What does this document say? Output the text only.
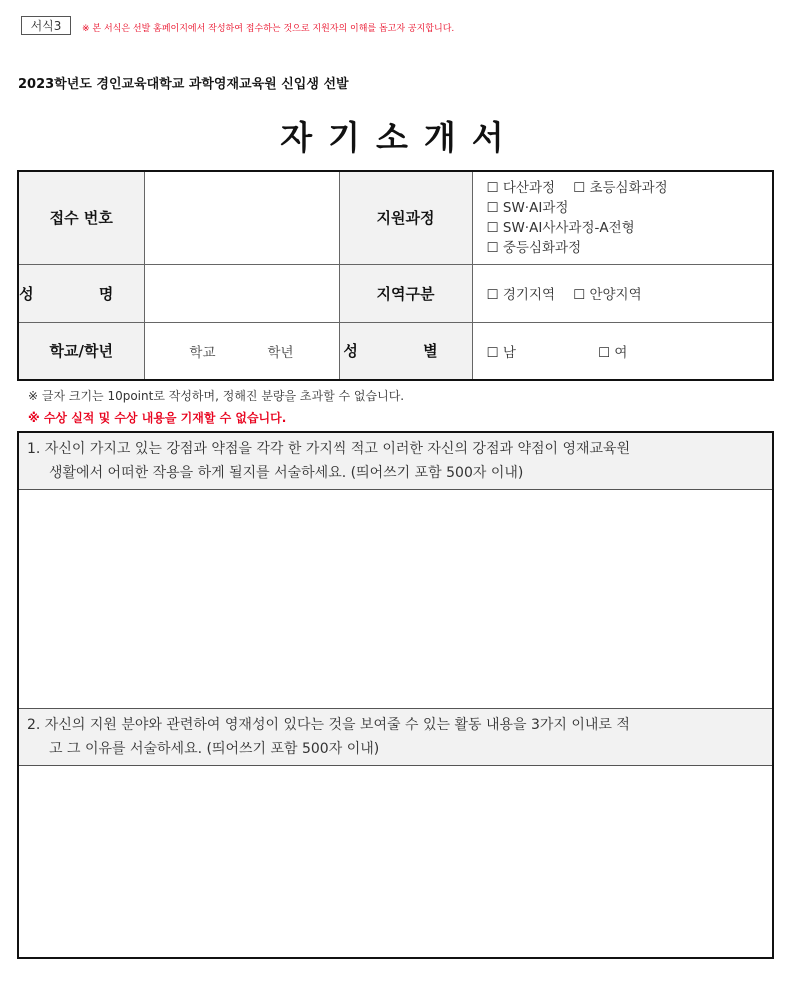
서식3	※ 본 서식은 선발 홈페이지에서 작성하여 접수하는 것으로 지원자의 이해를 돕고자 공지합니다.
2023학년도 경인교육대학교 과학영재교육원 신입생 선발
자기소개서
접수 번호		지원과정	☐ 다산과정 ☐ 초등심화과정
☐ SW·AI과정
☐ SW·AI사사과정-A전형
☐ 중등심화과정

성 명		지역구분	☐ 경기지역 ☐ 안양지역

학교/학년	학교 학년	성 별	☐ 남 ☐ 여
※ 글자 크기는 10point로 작성하며, 정해진 분량을 초과할 수 없습니다.
※ 수상 실적 및 수상 내용을 기재할 수 없습니다.
1. 자신이 가지고 있는 강점과 약점을 각각 한 가지씩 적고 이러한 자신의 강점과 약점이 영재교육원
생활에서 어떠한 작용을 하게 될지를 서술하세요. (띄어쓰기 포함 500자 이내)
2. 자신의 지원 분야와 관련하여 영재성이 있다는 것을 보여줄 수 있는 활동 내용을 3가지 이내로 적
고 그 이유를 서술하세요. (띄어쓰기 포함 500자 이내)
